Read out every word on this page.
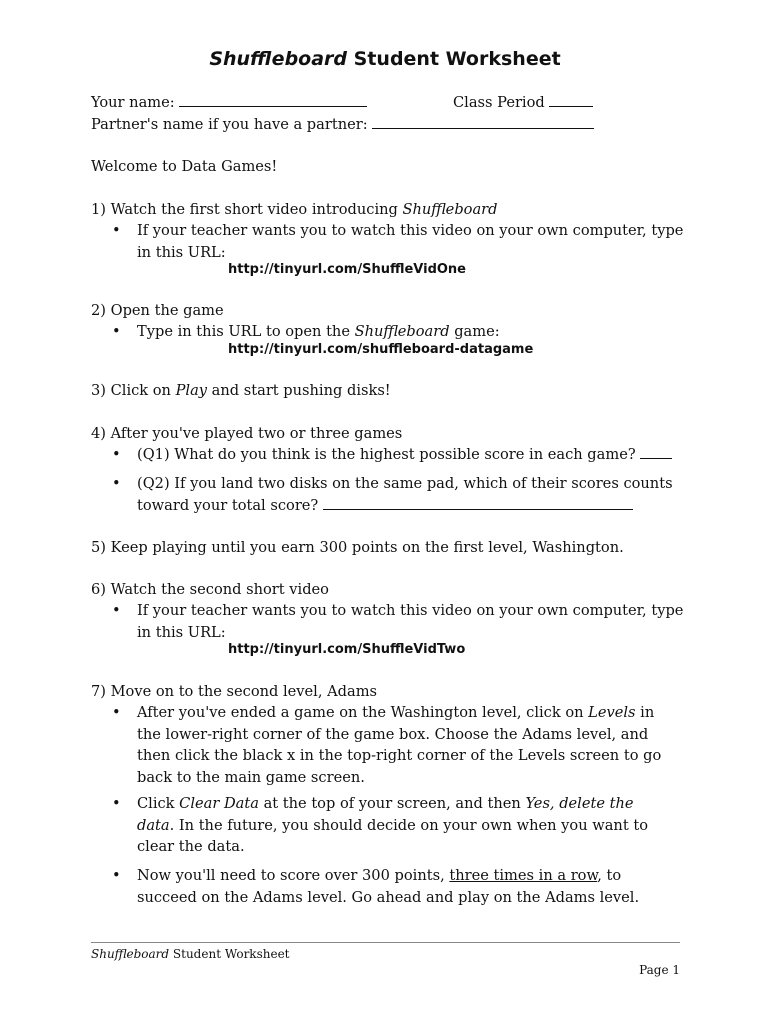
Shuffleboard Student Worksheet
Your name:	Class Period
Partner's name if you have a partner:
Welcome to Data Games!
1) Watch the first short video introducing Shuffleboard
• If your teacher wants you to watch this video on your own computer, type in this URL:
http://tinyurl.com/ShuffleVidOne
2) Open the game
• Type in this URL to open the Shuffleboard game:
http://tinyurl.com/shuffleboard-datagame
3) Click on Play and start pushing disks!
4) After you've played two or three games
• (Q1) What do you think is the highest possible score in each game?
• (Q2) If you land two disks on the same pad, which of their scores counts toward your total score?
5) Keep playing until you earn 300 points on the first level, Washington.
6) Watch the second short video
• If your teacher wants you to watch this video on your own computer, type in this URL:
http://tinyurl.com/ShuffleVidTwo
7) Move on to the second level, Adams
• After you've ended a game on the Washington level, click on Levels in the lower-right corner of the game box. Choose the Adams level, and then click the black x in the top-right corner of the Levels screen to go back to the main game screen.
• Click Clear Data at the top of your screen, and then Yes, delete the data. In the future, you should decide on your own when you want to clear the data.
• Now you'll need to score over 300 points, three times in a row, to succeed on the Adams level. Go ahead and play on the Adams level.
Shuffleboard Student Worksheet
Page 1
